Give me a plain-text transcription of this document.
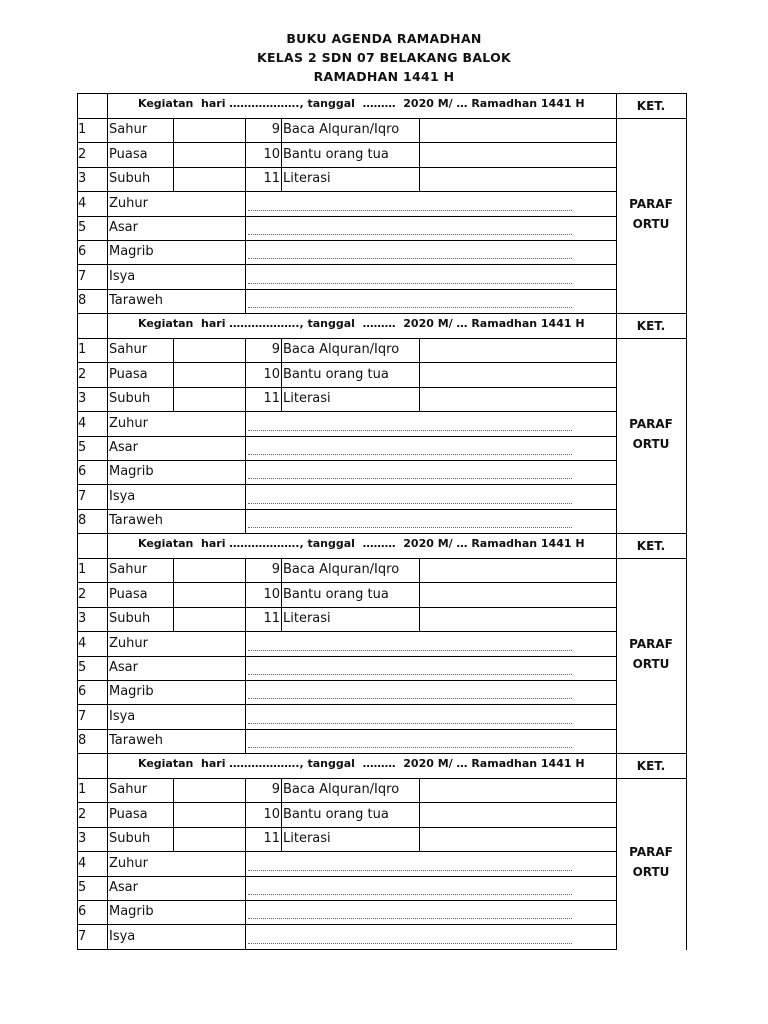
BUKU AGENDA RAMADHAN
KELAS 2 SDN 07 BELAKANG BALOK
RAMADHAN 1441 H
Kegiatan  hari ………………., tanggal  ………  2020 M/ … Ramadhan 1441 H	KET.
PARAF
ORTU
1	Sahur	9 Baca Alquran/Iqro
2	Puasa	10 Bantu orang tua
3	Subuh	11 Literasi
4	Zuhur
5	Asar
6	Magrib
7	Isya
8	Taraweh
Kegiatan  hari ………………., tanggal  ………  2020 M/ … Ramadhan 1441 H	KET.
PARAF
ORTU
1	Sahur	9 Baca Alquran/Iqro
2	Puasa	10 Bantu orang tua
3	Subuh	11 Literasi
4	Zuhur
5	Asar
6	Magrib
7	Isya
8	Taraweh
Kegiatan  hari ………………., tanggal  ………  2020 M/ … Ramadhan 1441 H	KET.
PARAF
ORTU
1	Sahur	9 Baca Alquran/Iqro
2	Puasa	10 Bantu orang tua
3	Subuh	11 Literasi
4	Zuhur
5	Asar
6	Magrib
7	Isya
8	Taraweh
Kegiatan  hari ………………., tanggal  ………  2020 M/ … Ramadhan 1441 H	KET.
PARAF
ORTU
1	Sahur	9 Baca Alquran/Iqro
2	Puasa	10 Bantu orang tua
3	Subuh	11 Literasi
4	Zuhur
5	Asar
6	Magrib
7	Isya
